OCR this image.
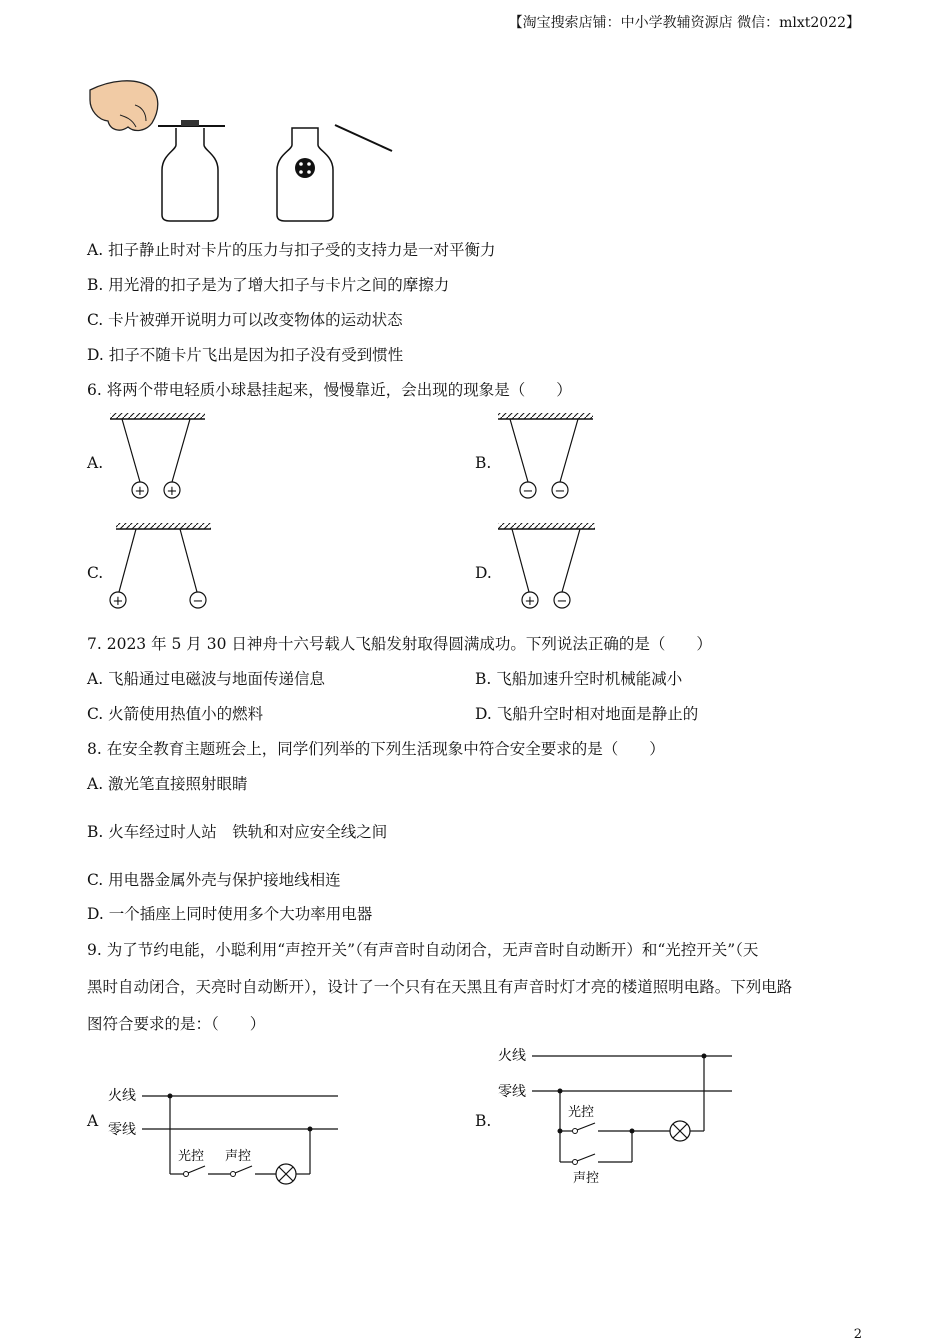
【淘宝搜索店铺：中小学教辅资源店 微信：mlxt2022】
A. 扣子静止时对卡片的压力与扣子受的支持力是一对平衡力
B. 用光滑的扣子是为了增大扣子与卡片之间的摩擦力
C. 卡片被弹开说明力可以改变物体的运动状态
D. 扣子不随卡片飞出是因为扣子没有受到惯性
6. 将两个带电轻质小球悬挂起来，慢慢靠近，会出现的现象是（　　）
A.	B.
C.	D.
+ +	− −
+	−	+ −
7. 2023 年 5 月 30 日神舟十六号载人飞船发射取得圆满成功。下列说法正确的是（　　）
A. 飞船通过电磁波与地面传递信息	B. 飞船加速升空时机械能减小
C. 火箭使用热值小的燃料	D. 飞船升空时相对地面是静止的
8. 在安全教育主题班会上，同学们列举的下列生活现象中符合安全要求的是（　　）
A. 激光笔直接照射眼睛
B. 火车经过时人站　铁轨和对应安全线之间
C. 用电器金属外壳与保护接地线相连
D. 一个插座上同时使用多个大功率用电器
9. 为了节约电能，小聪利用“声控开关”（有声音时自动闭合，无声音时自动断开）和“光控开关”（天
黑时自动闭合，天亮时自动断开），设计了一个只有在天黑且有声音时灯才亮的楼道照明电路。下列电路
图符合要求的是：（　　）
A	B.
火线
零线
光控 声控
火线
零线
光控
声控
2
